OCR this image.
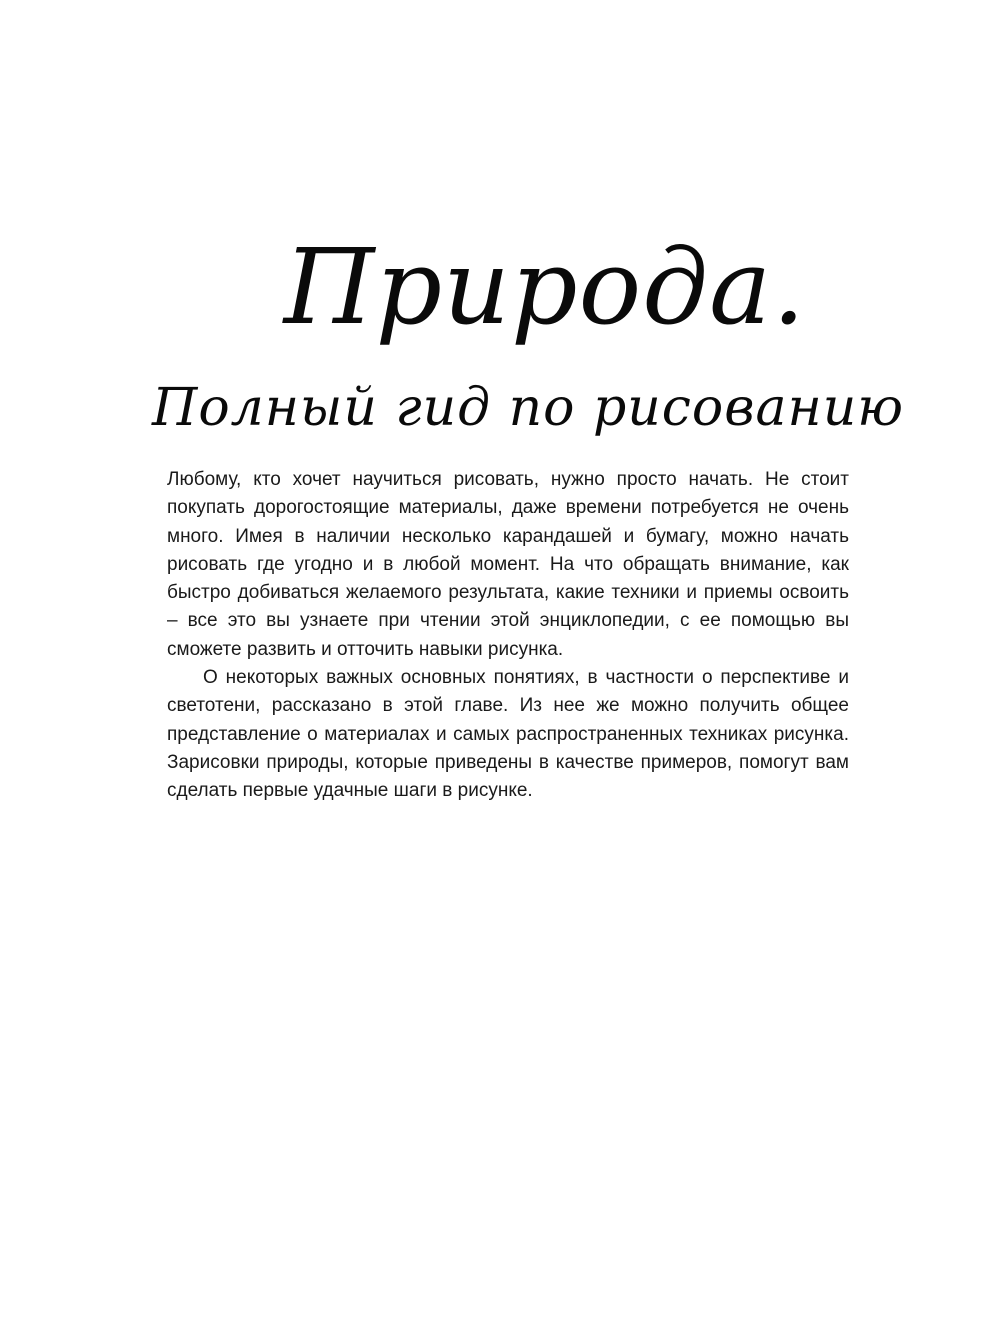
Природа.
Полный гид по рисованию

Любому, кто хочет научиться рисовать, нужно просто начать. Не стоит покупать дорогостоящие материалы, даже времени потребуется не очень много. Имея в наличии несколько карандашей и бумагу, можно начать рисовать где угодно и в любой момент. На что обращать внимание, как быстро добиваться желаемого результата, какие техники и приемы освоить – все это вы узнаете при чтении этой энциклопедии, с ее помощью вы сможете развить и отточить навыки рисунка.

О некоторых важных основных понятиях, в частности о перспективе и светотени, рассказано в этой главе. Из нее же можно получить общее представление о материалах и самых распространенных техниках рисунка. Зарисовки природы, которые приведены в качестве примеров, помогут вам сделать первые удачные шаги в рисунке.
